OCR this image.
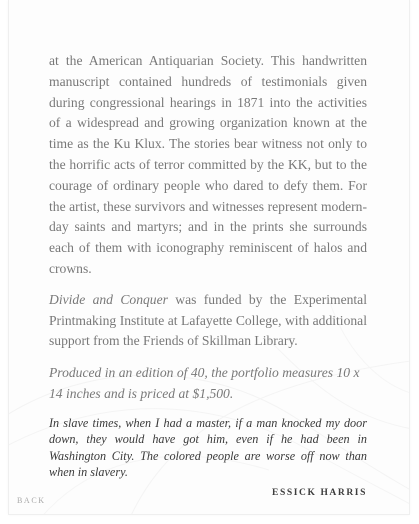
at the American Antiquarian Society. This handwritten manuscript contained hundreds of testimonials given during congressional hearings in 1871 into the activities of a widespread and growing organization known at the time as the Ku Klux. The stories bear witness not only to the horrific acts of terror committed by the KK, but to the courage of ordinary people who dared to defy them. For the artist, these survivors and witnesses represent modern-day saints and martyrs; and in the prints she surrounds each of them with iconography reminiscent of halos and crowns.

Divide and Conquer was funded by the Experimental Printmaking Institute at Lafayette College, with additional support from the Friends of Skillman Library.

Produced in an edition of 40, the portfolio measures 10 x 14 inches and is priced at $1,500.

In slave times, when I had a master, if a man knocked my door down, they would have got him, even if he had been in Washington City. The colored people are worse off now than when in slavery.

ESSICK HARRIS
BACK
